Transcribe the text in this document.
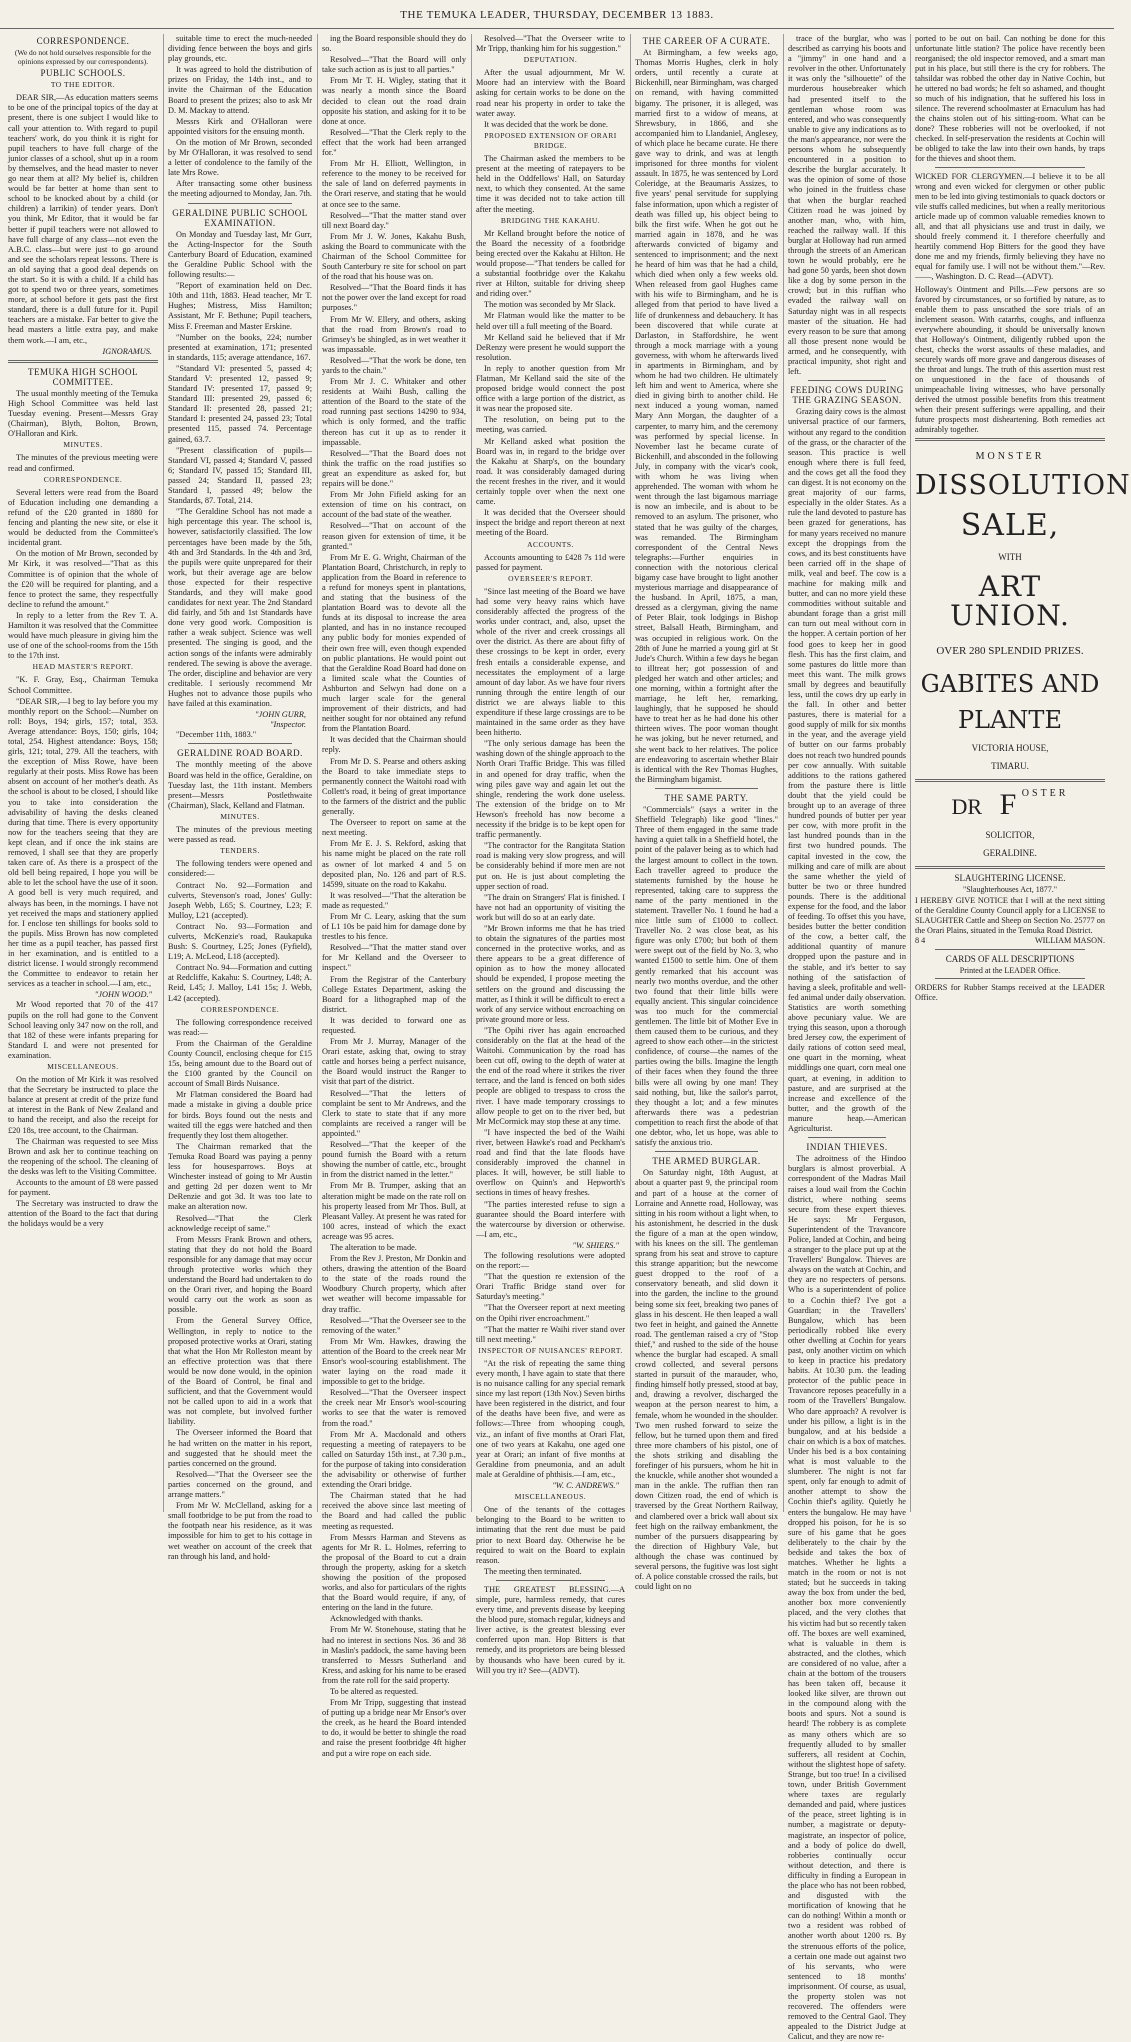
THE TEMUKA LEADER, THURSDAY, DECEMBER 13 1883.
CORRESPONDENCE.
(We do not hold ourselves responsible for the opinions expressed by our correspondents).
PUBLIC SCHOOLS.
TO THE EDITOR.

DEAR SIR,—As education matters seems to be one of the principal topics of the day at present, there is one subject I would like to call your attention to. With regard to pupil teachers' work, do you think it is right for pupil teachers to have full charge of the junior classes of a school, shut up in a room by themselves, and the head master to never go near them at all? My belief is, children would be far better at home than sent to school to be knocked about by a child (or children) a larrikin) of tender years. Don't you think, Mr Editor, that it would be far better if pupil teachers were not allowed to have full charge of any class—not even the A.B.C. class—but were just to go around and see the scholars repeat lessons. There is an old saying that a good deal depends on the start. So it is with a child. If a child has got to spend two or three years, sometimes more, at school before it gets past the first standard, there is a dull future for it. Pupil teachers are a mistake. Far better to give the head masters a little extra pay, and make them work.—I am, etc.,

IGNORAMUS.
TEMUKA HIGH SCHOOL COMMITTEE.

The usual monthly meeting of the Temuka High School Committee was held last Tuesday evening. Present—Messrs Gray (Chairman), Blyth, Bolton, Brown, O'Halloran and Kirk.

MINUTES.

The minutes of the previous meeting were read and confirmed.

CORRESPONDENCE.

Several letters were read from the Board of Education including one demanding a refund of the £20 granted in 1880 for fencing and planting the new site, or else it would be deducted from the Committee's incidental grant.

On the motion of Mr Brown, seconded by Mr Kirk, it was resolved—"That as this Committee is of opinion that the whole of the £20 will be required for planting, and a fence to protect the same, they respectfully decline to refund the amount."

In reply to a letter from the Rev T. A. Hamilton it was resolved that the Committee would have much pleasure in giving him the use of one of the school-rooms from the 15th to the 17th inst.

HEAD MASTER'S REPORT.

"K. F. Gray, Esq., Chairman Temuka School Committee.

"DEAR SIR,—I beg to lay before you my monthly report on the School:—Number on roll: Boys, 194; girls, 157; total, 353. Average attendance: Boys, 150; girls, 104; total, 254. Highest attendance: Boys, 158; girls, 121; total, 279. All the teachers, with the exception of Miss Rowe, have been regularly at their posts. Miss Rowe has been absent on account of her mother's death. As the school is about to be closed, I should like you to take into consideration the advisability of having the desks cleaned during that time. There is every opportunity now for the teachers seeing that they are kept clean, and if once the ink stains are removed, I shall see that they are properly taken care of. As there is a prospect of the old bell being repaired, I hope you will be able to let the school have the use of it soon. A good bell is very much required, and always has been, in the mornings. I have not yet received the maps and stationery applied for. I enclose ten shillings for books sold to the pupils. Miss Brown has now completed her time as a pupil teacher, has passed first in her examination, and is entitled to a district license. I would strongly recommend the Committee to endeavor to retain her services as a teacher in school.—I am, etc.,

"JOHN WOOD."

Mr Wood reported that 70 of the 417 pupils on the roll had gone to the Convent School leaving only 347 now on the roll, and that 182 of these were infants preparing for Standard I. and were not presented for examination.

MISCELLANEOUS.

On the motion of Mr Kirk it was resolved that the Secretary be instructed to place the balance at present at credit of the prize fund at interest in the Bank of New Zealand and to hand the receipt, and also the receipt for £20 18s, tree account, to the Chairman.

The Chairman was requested to see Miss Brown and ask her to continue teaching on the reopening of the school. The cleaning of the desks was left to the Visiting Committee.

Accounts to the amount of £8 were passed for payment.

The Secretary was instructed to draw the attention of the Board to the fact that during the holidays would be a very

suitable time to erect the much-needed dividing fence between the boys and girls play grounds, etc.

It was agreed to hold the distribution of prizes on Friday, the 14th inst., and to invite the Chairman of the Education Board to present the prizes; also to ask Mr D. M. Mackay to attend.

Messrs Kirk and O'Halloran were appointed visitors for the ensuing month.

On the motion of Mr Brown, seconded by Mr O'Halloran, it was resolved to send a letter of condolence to the family of the late Mrs Rowe.

After transacting some other business the meeting adjourned to Monday, Jan. 7th.

GERALDINE PUBLIC SCHOOL EXAMINATION.

On Monday and Tuesday last, Mr Gurr, the Acting-Inspector for the South Canterbury Board of Education, examined the Geraldine Public School with the following results:—

"Report of examination held on Dec. 10th and 11th, 1883. Head teacher, Mr T. Hughes; Mistress, Miss Hamilton; Assistant, Mr F. Bethune; Pupil teachers, Miss F. Freeman and Master Erskine.

"Number on the books, 224; number presented at examination, 171; presented in standards, 115; average attendance, 167.

"Standard VI: presented 5, passed 4; Standard V: presented 12, passed 9; Standard IV: presented 17, passed 9; Standard III: presented 29, passed 6; Standard II: presented 28, passed 21; Standard I: presented 24, passed 23; Total presented 115, passed 74. Percentage gained, 63.7.

"Present classification of pupils—Standard VI, passed 4; Standard V, passed 6; Standard IV, passed 15; Standard III, passed 24; Standard II, passed 23; Standard I, passed 49; below the Standards, 87. Total, 214.

"The Geraldine School has not made a high percentage this year. The school is, however, satisfactorily classified. The low percentages have been made by the 5th, 4th and 3rd Standards. In the 4th and 3rd, the pupils were quite unprepared for their work, but their average age are below those expected for their respective Standards, and they will make good candidates for next year. The 2nd Standard did fairly, and 5th and 1st Standards have done very good work. Composition is rather a weak subject. Science was well presented. The singing is good, and the action songs of the infants were admirably rendered. The sewing is above the average. The order, discipline and behavior are very creditable. I seriously recommend Mr Hughes not to advance those pupils who have failed at this examination.

"JOHN GURR,
"Inspector.

"December 11th, 1883."

GERALDINE ROAD BOARD.

The monthly meeting of the above Board was held in the office, Geraldine, on Tuesday last, the 11th instant. Members present—Messrs Postlethwaite (Chairman), Slack, Kelland and Flatman.

MINUTES.

The minutes of the previous meeting were passed as read.

TENDERS.

The following tenders were opened and considered:—

Contract No. 92—Formation and culverts, Stevenson's road, Jones' Gully: Joseph Webb, L65; S. Courtney, L23; F. Mulloy, L21 (accepted).

Contract No. 93—Formation and culverts, McKenzie's road, Raukapuka Bush: S. Courtney, L25; Jones (Fyfield), L19; A. McLeod, L18 (accepted).

Contract No. 94—Formation and cutting at Redcliffe, Kakahu: S. Courtney, L48; A. Reid, L45; J. Malloy, L41 15s; J. Webb, L42 (accepted).

CORRESPONDENCE.

The following correspondence received was read:—

From the Chairman of the Geraldine County Council, enclosing cheque for £15 15s, being amount due to the Board out of the £100 granted by the Council on account of Small Birds Nuisance.

Mr Flatman considered the Board had made a mistake in giving a double price for birds. Boys found out the nests and waited till the eggs were hatched and then frequently they lost them altogether.

The Chairman remarked that the Temuka Road Board was paying a penny less for housesparrows. Boys at Winchester instead of going to Mr Austin and getting 2d per dozen went to Mr DeRenzie and got 3d. It was too late to make an alteration now.

Resolved—"That the Clerk acknowledge receipt of same."

From Messrs Frank Brown and others, stating that they do not hold the Board responsible for any damage that may occur through protective works which they understand the Board had undertaken to do on the Orari river, and hoping the Board would carry out the work as soon as possible.

From the General Survey Office, Wellington, in reply to notice to the proposed protective works at Orari, stating that what the Hon Mr Rolleston meant by an effective protection was that there would be now done would, in the opinion of the Board of Control, be final and sufficient, and that the Government would not be called upon to aid in a work that was not complete, but involved further liability.

The Overseer informed the Board that he had written on the matter in his report, and suggested that he should meet the parties concerned on the ground.

Resolved—"That the Overseer see the parties concerned on the ground, and arrange matters."

From Mr W. McClelland, asking for a small footbridge to be put from the road to the footpath near his residence, as it was impossible for him to get to his cottage in wet weather on account of the creek that ran through his land, and hold-

ing the Board responsible should they do so.

Resolved—"That the Board will only take such action as is just to all parties."

From Mr T. H. Wigley, stating that it was nearly a month since the Board decided to clean out the road drain opposite his station, and asking for it to be done at once.

Resolved—"That the Clerk reply to the effect that the work had been arranged for."

From Mr H. Elliott, Wellington, in reference to the money to be received for the sale of land on deferred payments in the Orari reserve, and stating that he would at once see to the same.

Resolved—"That the matter stand over till next Board day."

From Mr J. W. Jones, Kakahu Bush, asking the Board to communicate with the Chairman of the School Committee for South Canterbury re site for school on part of the road that his house was on.

Resolved—"That the Board finds it has not the power over the land except for road purposes."

From Mr W. Ellery, and others, asking that the road from Brown's road to Grimsey's be shingled, as in wet weather it was impassable.

Resolved—"That the work be done, ten yards to the chain."

From Mr J. C. Whitaker and other residents at Waihi Bush, calling the attention of the Board to the state of the road running past sections 14290 to 934, which is only formed, and the traffic thereon has cut it up as to render it impassable.

Resolved—"That the Board does not think the traffic on the road justifies so great an expenditure as asked for, but repairs will be done."

From Mr John Fifield asking for an extension of time on his contract, on account of the bad state of the weather.

Resolved—"That on account of the reason given for extension of time, it be granted."

From Mr E. G. Wright, Chairman of the Plantation Board, Christchurch, in reply to application from the Board in reference to a refund for moneys spent in plantations, and stating that the business of the plantation Board was to devote all the funds at its disposal to increase the area planted, and has in no instance recouped any public body for monies expended of their own free will, even though expended on public plantations. He would point out that the Geraldine Road Board had done on a limited scale what the Counties of Ashburton and Selwyn had done on a much larger scale for the general improvement of their districts, and had neither sought for nor obtained any refund from the Plantation Board.

It was decided that the Chairman should reply.

From Mr D. S. Pearse and others asking the Board to take immediate steps to permanently connect the Waitohi road with Collett's road, it being of great importance to the farmers of the district and the public generally.

The Overseer to report on same at the next meeting.

From Mr E. J. S. Rekford, asking that his name might be placed on the rate roll as owner of lot marked 4 and 5 on deposited plan, No. 126 and part of R.S. 14599, situate on the road to Kakahu.

It was resolved—"That the alteration be made as requested."

From Mr C. Leary, asking that the sum of L1 10s be paid him for damage done by trestles to his fence.

Resolved—"That the matter stand over for Mr Kelland and the Overseer to inspect."

From the Registrar of the Canterbury College Estates Department, asking the Board for a lithographed map of the district.

It was decided to forward one as requested.

From Mr J. Murray, Manager of the Orari estate, asking that, owing to stray cattle and horses being a perfect nuisance, the Board would instruct the Ranger to visit that part of the district.

Resolved—"That the letters of complaint be sent to Mr Andrews, and the Clerk to state to state that if any more complaints are received a ranger will be appointed."

Resolved—"That the keeper of the pound furnish the Board with a return showing the number of cattle, etc., brought in from the district named in the letter."

From Mr B. Trumper, asking that an alteration might be made on the rate roll on his property leased from Mr Thos. Bull, at Pleasant Valley. At present he was rated for 100 acres, instead of which the exact acreage was 95 acres.

The alteration to be made.

From the Rev J. Preston, Mr Donkin and others, drawing the attention of the Board to the state of the roads round the Woodbury Church property, which after wet weather will become impassable for dray traffic.

Resolved—"That the Overseer see to the removing of the water."

From Mr Wm. Hawkes, drawing the attention of the Board to the creek near Mr Ensor's wool-scouring establishment. The water laying on the road made it impossible to get to the bridge.

Resolved—"That the Overseer inspect the creek near Mr Ensor's wool-scouring works to see that the water is removed from the road."

From Mr A. Macdonald and others requesting a meeting of ratepayers to be called on Saturday 15th inst., at 7.30 p.m., for the purpose of taking into consideration the advisability or otherwise of further extending the Orari bridge.

The Chairman stated that he had received the above since last meeting of the Board and had called the public meeting as requested.

From Messrs Harman and Stevens as agents for Mr R. L. Holmes, referring to the proposal of the Board to cut a drain through the property, asking for a sketch showing the position of the proposed works, and also for particulars of the rights that the Board would require, if any, of entering on the land in the future.

Acknowledged with thanks.

From Mr W. Stonehouse, stating that he had no interest in sections Nos. 36 and 38 in Maslin's paddock, the same having been transferred to Messrs Sutherland and Kress, and asking for his name to be erased from the rate roll for the said property.

To be altered as requested.

From Mr Tripp, suggesting that instead of putting up a bridge near Mr Ensor's over the creek, as he heard the Board intended to do, it would be better to shingle the road and raise the present footbridge 4ft higher and put a wire rope on each side.

Resolved—"That the Overseer write to Mr Tripp, thanking him for his suggestion."

DEPUTATION.

After the usual adjournment, Mr W. Moore had an interview with the Board asking for certain works to be done on the road near his property in order to take the water away.

It was decided that the work be done.

PROPOSED EXTENSION OF ORARI BRIDGE.

The Chairman asked the members to be present at the meeting of ratepayers to be held in the Oddfellows' Hall, on Saturday next, to which they consented. At the same time it was decided not to take action till after the meeting.

BRIDGING THE KAKAHU.

Mr Kelland brought before the notice of the Board the necessity of a footbridge being erected over the Kakahu at Hilton. He would propose—"That tenders be called for a substantial footbridge over the Kakahu river at Hilton, suitable for driving sheep and riding over."

The motion was seconded by Mr Slack.

Mr Flatman would like the matter to be held over till a full meeting of the Board.

Mr Kelland said he believed that if Mr DeRenzy were present he would support the resolution.

In reply to another question from Mr Flatman, Mr Kelland said the site of the proposed bridge would connect the post office with a large portion of the district, as it was near the proposed site.

The resolution, on being put to the meeting, was carried.

Mr Kelland asked what position the Board was in, in regard to the bridge over the Kakahu at Sharp's, on the boundary road. It was considerably damaged during the recent freshes in the river, and it would certainly topple over when the next one came.

It was decided that the Overseer should inspect the bridge and report thereon at next meeting of the Board.

ACCOUNTS.

Accounts amounting to £428 7s 11d were passed for payment.

OVERSEER'S REPORT.

"Since last meeting of the Board we have had some very heavy rains which have considerably affected the progress of the works under contract, and, also, upset the whole of the river and creek crossings all over the district. As there are about fifty of these crossings to be kept in order, every fresh entails a considerable expense, and necessitates the employment of a large amount of day labor. As we have four rivers running through the entire length of our district we are always liable to this expenditure if these large crossings are to be maintained in the same order as they have been hitherto.

"The only serious damage has been the washing down of the shingle approach to the North Orari Traffic Bridge. This was filled in and opened for dray traffic, when the wing piles gave way and again let out the shingle, rendering the work done useless. The extension of the bridge on to Mr Hewson's freehold has now become a necessity if the bridge is to be kept open for traffic permanently.

"The contractor for the Rangitata Station road is making very slow progress, and will be considerably behind if more men are not put on. He is just about completing the upper section of road.

"The drain on Strangers' Flat is finished. I have not had an opportunity of visiting the work but will do so at an early date.

"Mr Brown informs me that he has tried to obtain the signatures of the parties most concerned in the protective works, and as there appears to be a great difference of opinion as to how the money allocated should be expended, I propose meeting the settlers on the ground and discussing the matter, as I think it will be difficult to erect a work of any service without encroaching on private ground more or less.

"The Opihi river has again encroached considerably on the flat at the head of the Waitohi. Communication by the road has been cut off, owing to the depth of water at the end of the road where it strikes the river terrace, and the land is fenced on both sides people are obliged to trespass to cross the river. I have made temporary crossings to allow people to get on to the river bed, but Mr McCormick may stop these at any time.

"I have inspected the bed of the Waihi river, between Hawke's road and Peckham's road and find that the late floods have considerably improved the channel in places. It will, however, be still liable to overflow on Quinn's and Hepworth's sections in times of heavy freshes.

"The parties interested refuse to sign a guarantee should the Board interfere with the watercourse by diversion or otherwise.—I am, etc.,

"W. SHIERS."

The following resolutions were adopted on the report:—

"That the question re extension of the Orari Traffic Bridge stand over for Saturday's meeting."

"That the Overseer report at next meeting on the Opihi river encroachment."

"That the matter re Waihi river stand over till next meeting."

INSPECTOR OF NUISANCES' REPORT.

"At the risk of repeating the same thing every month, I have again to state that there is no nuisance calling for any special remark since my last report (13th Nov.) Seven births have been registered in the district, and four of the deaths have been five, and were as follows:—Three from whooping cough, viz., an infant of five months at Orari Flat, one of two years at Kakahu, one aged one year at Orari; an infant of five months at Geraldine from pneumonia, and an adult male at Geraldine of phthisis.—I am, etc.,

"W. C. ANDREWS."
MISCELLANEOUS.

One of the tenants of the cottages belonging to the Board to be written to intimating that the rent due must be paid prior to next Board day. Otherwise he be required to wait on the Board to explain reason.

The meeting then terminated.

THE GREATEST BLESSING.—A simple, pure, harmless remedy, that cures every time, and prevents disease by keeping the blood pure, stomach regular, kidneys and liver active, is the greatest blessing ever conferred upon man. Hop Bitters is that remedy, and its proprietors are being blessed by thousands who have been cured by it. Will you try it? See—(ADVT).

THE CAREER OF A CURATE.

At Birmingham, a few weeks ago, Thomas Morris Hughes, clerk in holy orders, until recently a curate at Bickenhill, near Birmingham, was charged on remand, with having committed bigamy. The prisoner, it is alleged, was married first to a widow of means, at Shrewsbury, in 1866, and she accompanied him to Llandaniel, Anglesey, of which place he became curate. He there gave way to drink, and was at length imprisoned for three months for violent assault. In 1875, he was sentenced by Lord Coleridge, at the Beaumaris Assizes, to five years' penal servitude for supplying false information, upon which a register of death was filled up, his object being to bilk the first wife. When he got out he married again in 1878, and he was afterwards convicted of bigamy and sentenced to imprisonment; and the next he heard of him was that he had a child, which died when only a few weeks old. When released from gaol Hughes came with his wife to Birmingham, and he is alleged from that period to have lived a life of drunkenness and debauchery. It has been discovered that while curate at Darlaston, in Staffordshire, he went through a mock marriage with a young governess, with whom he afterwards lived in apartments in Birmingham, and by whom he had two children. He ultimately left him and went to America, where she died in giving birth to another child. He next induced a young woman, named Mary Ann Morgan, the daughter of a carpenter, to marry him, and the ceremony was performed by special license. In November last he became curate of Bickenhill, and absconded in the following July, in company with the vicar's cook, with whom he was living when apprehended. The woman with whom he went through the last bigamous marriage is now an imbecile, and is about to be removed to an asylum. The prisoner, who stated that he was guilty of the charges, was remanded. The Birmingham correspondent of the Central News telegraphs:—Further enquiries in connection with the notorious clerical bigamy case have brought to light another mysterious marriage and disappearance of the husband. In April, 1875, a man, dressed as a clergyman, giving the name of Peter Blair, took lodgings in Bishop street, Balsall Heath, Birmingham, and was occupied in religious work. On the 28th of June he married a young girl at St Jude's Church. Within a few days he began to illtreat her; got possession of and pledged her watch and other articles; and one morning, within a fortnight after the marriage, he left her, remarking, laughingly, that he supposed he should have to treat her as he had done his other thirteen wives. The poor woman thought he was joking, but he never returned, and she went back to her relatives. The police are endeavoring to ascertain whether Blair is identical with the Rev Thomas Hughes, the Birmingham bigamist.

THE SAME PARTY.

"Commercials" (says a writer in the Sheffield Telegraph) like good "lines." Three of them engaged in the same trade having a quiet talk in a Sheffield hotel, the point of the palaver being as to which had the largest amount to collect in the town. Each traveller agreed to produce the statements furnished by the house he represented, taking care to suppress the name of the party mentioned in the statement. Traveller No. 1 found he had a nice little sum of £1000 to collect. Traveller No. 2 was close beat, as his figure was only £700; but both of them were swept out of the field by No. 3, who wanted £1500 to settle him. One of them gently remarked that his account was nearly two months overdue, and the other two found that their little bills were equally ancient. This singular coincidence was too much for the commercial gentlemen. The little bit of Mother Eve in them caused them to be curious, and they agreed to show each other—in the strictest confidence, of course—the names of the parties owing the bills. Imagine the length of their faces when they found the three bills were all owing by one man! They said nothing, but, like the sailor's parrot, they thought a lot; and a few minutes afterwards there was a pedestrian competition to reach first the abode of that one debtor, who, let us hope, was able to satisfy the anxious trio.

THE ARMED BURGLAR.

On Saturday night, 18th August, at about a quarter past 9, the principal room and part of a house at the corner of Lorraine and Annette road, Holloway, was sitting in his room without a light when, to his astonishment, he descried in the dusk the figure of a man at the open window, with his knees on the sill. The gentleman sprang from his seat and strove to capture this strange apparition; but the newcome guest dropped to the roof of a conservatory beneath, and slid down it into the garden, the incline to the ground being some six feet, breaking two panes of glass in his descent. He then leaped a wall two feet in height, and gained the Annette road. The gentleman raised a cry of "Stop thief," and rushed to the side of the house whence the burglar had escaped. A small crowd collected, and several persons started in pursuit of the marauder, who, finding himself hotly pressed, stood at bay, and, drawing a revolver, discharged the weapon at the person nearest to him, a female, whom he wounded in the shoulder. Two men rushed forward to seize the fellow, but he turned upon them and fired three more chambers of his pistol, one of the shots striking and disabling the forefinger of his pursuers, whom he hit in the knuckle, while another shot wounded a man in the ankle. The ruffian then ran down Citizen road, the end of which is traversed by the Great Northern Railway, and clambered over a brick wall about six feet high on the railway embankment, the number of the pursuers disappearing by the direction of Highbury Vale, but although the chase was continued by several persons, the fugitive was lost sight of. A police constable crossed the rails, but could light on no

trace of the burglar, who was described as carrying his boots and a "jimmy" in one hand and a revolver in the other. Unfortunately it was only the "silhouette" of the murderous housebreaker which had presented itself to the gentleman whose room was entered, and who was consequently unable to give any indications as to the man's appearance, nor were the persons whom he subsequently encountered in a position to describe the burglar accurately. It was the opinion of some of those who joined in the fruitless chase that when the burglar reached Citizen road he was joined by another man, who, with him, reached the railway wall. If this burglar at Holloway had run armed through the streets of an American town he would probably, ere he had gone 50 yards, been shot down like a dog by some person in the crowd; but in this ruffian who evaded the railway wall on Saturday night was in all respects master of the situation. He had every reason to be sure that among all those present none would be armed, and he consequently, with practical impunity, shot right and left.

FEEDING COWS DURING THE GRAZING SEASON.

Grazing dairy cows is the almost universal practice of our farmers, without any regard to the condition of the grass, or the character of the season. This practice is well enough where there is full feed, and the cows get all the food they can digest. It is not economy on the great majority of our farms, especially in the older States. As a rule the land devoted to pasture has been grazed for generations, has for many years received no manure except the droppings from the cows, and its best constituents have been carried off in the shape of milk, veal and beef. The cow is a machine for making milk and butter, and can no more yield these commodities without suitable and abundant forage than a grist mill can turn out meal without corn in the hopper. A certain portion of her food goes to keep her in good flesh. This has the first claim, and some pastures do little more than meet this want. The milk grows small by degrees and beautifully less, until the cows dry up early in the fall. In other and better pastures, there is material for a good supply of milk for six months in the year, and the average yield of butter on our farms probably does not reach two hundred pounds per cow annually. With suitable additions to the rations gathered from the pasture there is little doubt that the yield could be brought up to an average of three hundred pounds of butter per year per cow, with more profit in the last hundred pounds than in the first two hundred pounds. The capital invested in the cow, the milking and care of milk are about the same whether the yield of butter be two or three hundred pounds. There is the additional expense for the food, and the labor of feeding. To offset this you have, besides butter the better condition of the cow, a better calf, the additional quantity of manure dropped upon the pasture and in the stable, and it's better to say nothing of the satisfaction of having a sleek, profitable and well-fed animal under daily observation. Statistics are worth something above pecuniary value. We are trying this season, upon a thorough bred Jersey cow, the experiment of daily rations of cotton seed meal, one quart in the morning, wheat middlings one quart, corn meal one quart, at evening, in addition to pasture, and are surprised at the increase and excellence of the butter, and the growth of the manure heap.—American Agriculturist.

INDIAN THIEVES.

The adroitness of the Hindoo burglars is almost proverbial. A correspondent of the Madras Mail raises a loud wail from the Cochin district, where nothing seems secure from these expert thieves. He says: Mr Ferguson, Superintendent of the Travancore Police, landed at Cochin, and being a stranger to the place put up at the Travellers' Bungalow. Thieves are always on the watch at Cochin, and they are no respecters of persons. Who is a superintendent of police to a Cochin thief? I've got a Guardian; in the Travellers' Bungalow, which has been periodically robbed like every other dwelling at Cochin for years past, only another victim on which to keep in practice his predatory habits. At 10.30 p.m. the leading protector of the public peace in Travancore reposes peacefully in a room of the Travellers' Bungalow. Who dare approach? A revolver is under his pillow, a light is in the bungalow, and at his bedside a chair on which is a box of matches. Under his bed is a box containing what is most valuable to the slumberer. The night is not far spent, only far enough to admit of another attempt to show the Cochin thief's agility. Quietly he enters the bungalow. He may have dropped his poison, for he is so sure of his game that he goes deliberately to the chair by the bedside and takes the box of matches. Whether he lights a match in the room or not is not stated; but he succeeds in taking away the box from under the bed, another box more conveniently placed, and the very clothes that his victim had but so recently taken off. The boxes are well examined, what is valuable in them is abstracted, and the clothes, which are considered of no value, after a chain at the bottom of the trousers has been taken off, because it looked like silver, are thrown out in the compound along with the boots and spurs. Not a sound is heard! The robbery is as complete as many others which are so frequently alluded to by smaller sufferers, all resident at Cochin, without the slightest hope of safety. Strange, but too true! In a civilised town, under British Government where taxes are regularly demanded and paid, where justices of the peace, street lighting is in number, a magistrate or deputy-magistrate, an inspector of police, and a body of police do dwell, robberies continually occur without detection, and there is difficulty in finding a European in the place who has not been robbed, and disgusted with the mortification of knowing that he can do nothing! Within a month or two a resident was robbed of another worth about 1200 rs. By the strenuous efforts of the police, a certain one made out against two of his servants, who were sentenced to 18 months' imprisonment. Of course, as usual, the property stolen was not recovered. The offenders were removed to the Central Gaol. They appealed to the District Judge at Calicut, and they are now re-

ported to be out on bail. Can nothing be done for this unfortunate little station? The police have recently been reorganised; the old inspector removed, and a smart man put in his place, but still there is the cry for robbers. The tahsildar was robbed the other day in Native Cochin, but he uttered no bad words; he felt so ashamed, and thought so much of his indignation, that he suffered his loss in silence. The reverend schoolmaster at Ernaculum has had the chains stolen out of his sitting-room. What can be done? These robberies will not be overlooked, if not checked. In self-preservation the residents at Cochin will be obliged to take the law into their own hands, by traps for the thieves and shoot them.
WICKED FOR CLERGYMEN.—I believe it to be all wrong and even wicked for clergymen or other public men to be led into giving testimonials to quack doctors or vile stuffs called medicines, but when a really meritorious article made up of common valuable remedies known to all, and that all physicians use and trust in daily, we should freely commend it. I therefore cheerfully and heartily commend Hop Bitters for the good they have done me and my friends, firmly believing they have no equal for family use. I will not be without them."—Rev. ——, Washington. D. C. Read—(ADVT).
Holloway's Ointment and Pills.—Few persons are so favored by circumstances, or so fortified by nature, as to enable them to pass unscathed the sore trials of an inclement season. With catarrhs, coughs, and influenza everywhere abounding, it should be universally known that Holloway's Ointment, diligently rubbed upon the chest, checks the worst assaults of these maladies, and securely wards off more grave and dangerous diseases of the throat and lungs. The truth of this assertion must rest on unquestioned in the face of thousands of unimpeachable living witnesses, who have personally derived the utmost possible benefits from this treatment when their present sufferings were appalling, and their future prospects most disheartening. Both remedies act admirably together.
MONSTER
DISSOLUTION
SALE,
WITH
ART UNION.
OVER 280 SPLENDID PRIZES.
GABITES AND
PLANTE
VICTORIA HOUSE,
TIMARU.
DR F $^{OSTER}$
SOLICITOR,
GERALDINE.
SLAUGHTERING LICENSE.
"Slaughterhouses Act, 1877."
I HEREBY GIVE NOTICE that I will at the next sitting of the Geraldine County Council apply for a LICENSE to SLAUGHTER Cattle and Sheep on Section No. 25777 on the Orari Plains, situated in the Temuka Road District.
8 4	WILLIAM MASON.
CARDS OF ALL DESCRIPTIONS
Printed at the LEADER Office.
ORDERS for Rubber Stamps received at the LEADER Office.
